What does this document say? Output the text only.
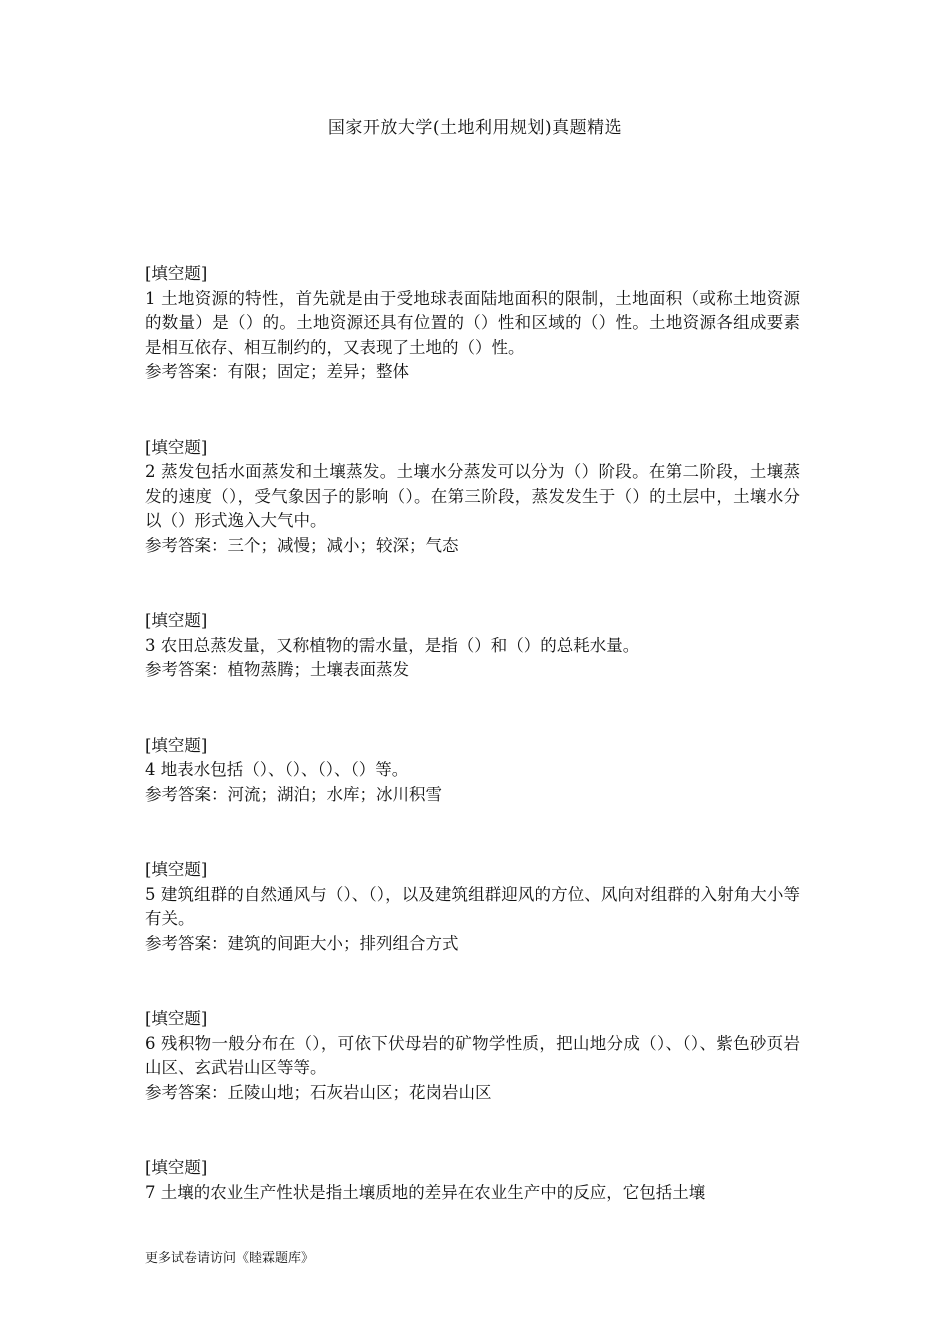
国家开放大学(土地利用规划)真题精选
[填空题]
1 土地资源的特性，首先就是由于受地球表面陆地面积的限制，土地面积（或称土地资源的数量）是（）的。土地资源还具有位置的（）性和区域的（）性。土地资源各组成要素是相互依存、相互制约的，又表现了土地的（）性。
参考答案：有限；固定；差异；整体
[填空题]
2 蒸发包括水面蒸发和土壤蒸发。土壤水分蒸发可以分为（）阶段。在第二阶段，土壤蒸发的速度（），受气象因子的影响（）。在第三阶段，蒸发发生于（）的土层中，土壤水分以（）形式逸入大气中。
参考答案：三个；减慢；减小；较深；气态
[填空题]
3 农田总蒸发量，又称植物的需水量，是指（）和（）的总耗水量。
参考答案：植物蒸腾；土壤表面蒸发
[填空题]
4 地表水包括（）、（）、（）、（）等。
参考答案：河流；湖泊；水库；冰川积雪
[填空题]
5 建筑组群的自然通风与（）、（），以及建筑组群迎风的方位、风向对组群的入射角大小等有关。
参考答案：建筑的间距大小；排列组合方式
[填空题]
6 残积物一般分布在（），可依下伏母岩的矿物学性质，把山地分成（）、（）、紫色砂页岩山区、玄武岩山区等等。
参考答案：丘陵山地；石灰岩山区；花岗岩山区
[填空题]
7 土壤的农业生产性状是指土壤质地的差异在农业生产中的反应，它包括土壤
更多试卷请访问《睦霖题库》
